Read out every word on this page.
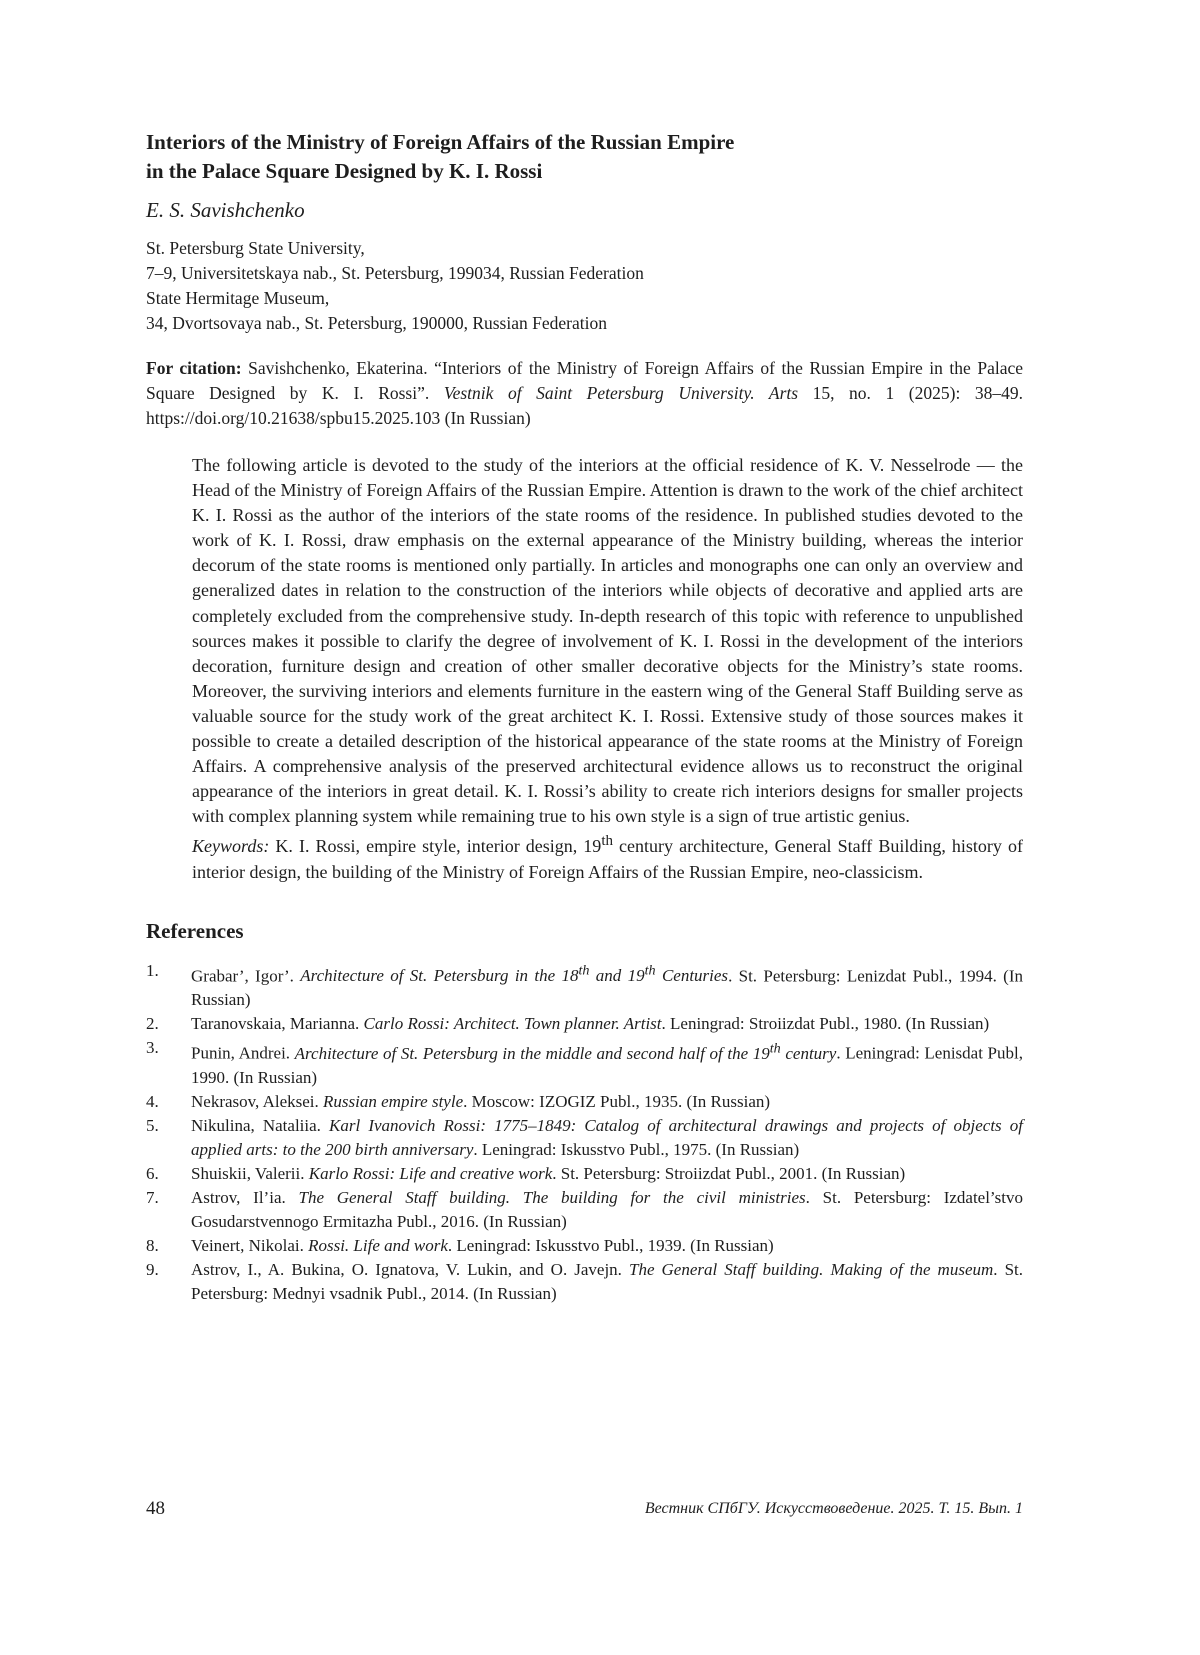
Interiors of the Ministry of Foreign Affairs of the Russian Empire
in the Palace Square Designed by K. I. Rossi
E. S. Savishchenko
St. Petersburg State University,
7–9, Universitetskaya nab., St. Petersburg, 199034, Russian Federation
State Hermitage Museum,
34, Dvortsovaya nab., St. Petersburg, 190000, Russian Federation
For citation: Savishchenko, Ekaterina. “Interiors of the Ministry of Foreign Affairs of the Russian Empire in the Palace Square Designed by K. I. Rossi”. Vestnik of Saint Petersburg University. Arts 15, no. 1 (2025): 38–49. https://doi.org/10.21638/spbu15.2025.103 (In Russian)

The following article is devoted to the study of the interiors at the official residence of K. V. Nesselrode — the Head of the Ministry of Foreign Affairs of the Russian Empire. Attention is drawn to the work of the chief architect K. I. Rossi as the author of the interiors of the state rooms of the residence. In published studies devoted to the work of K. I. Rossi, draw emphasis on the external appearance of the Ministry building, whereas the interior decorum of the state rooms is mentioned only partially. In articles and monographs one can only an overview and generalized dates in relation to the construction of the interiors while objects of decorative and applied arts are completely excluded from the comprehensive study. In-depth research of this topic with reference to unpublished sources makes it possible to clarify the degree of involvement of K. I. Rossi in the development of the interiors decoration, furniture design and creation of other smaller decorative objects for the Ministry’s state rooms. Moreover, the surviving interiors and elements furniture in the eastern wing of the General Staff Building serve as valuable source for the study work of the great architect K. I. Rossi. Extensive study of those sources makes it possible to create a detailed description of the historical appearance of the state rooms at the Ministry of Foreign Affairs. A comprehensive analysis of the preserved architectural evidence allows us to reconstruct the original appearance of the interiors in great detail. K. I. Rossi’s ability to create rich interiors designs for smaller projects with complex planning system while remaining true to his own style is a sign of true artistic genius.

Keywords: K. I. Rossi, empire style, interior design, 19th century architecture, General Staff Building, history of interior design, the building of the Ministry of Foreign Affairs of the Russian Empire, neo-classicism.

References
1. Grabar’, Igor’. Architecture of St. Petersburg in the 18th and 19th Centuries. St. Petersburg: Lenizdat Publ., 1994. (In Russian)
2. Taranovskaia, Marianna. Carlo Rossi: Architect. Town planner. Artist. Leningrad: Stroiizdat Publ., 1980. (In Russian)
3. Punin, Andrei. Architecture of St. Petersburg in the middle and second half of the 19th century. Leningrad: Lenisdat Publ, 1990. (In Russian)
4. Nekrasov, Aleksei. Russian empire style. Moscow: IZOGIZ Publ., 1935. (In Russian)
5. Nikulina, Nataliia. Karl Ivanovich Rossi: 1775–1849: Catalog of architectural drawings and projects of objects of applied arts: to the 200 birth anniversary. Leningrad: Iskusstvo Publ., 1975. (In Russian)
6. Shuiskii, Valerii. Karlo Rossi: Life and creative work. St. Petersburg: Stroiizdat Publ., 2001. (In Russian)
7. Astrov, Il’ia. The General Staff building. The building for the civil ministries. St. Petersburg: Izdatel’stvo Gosudarstvennogo Ermitazha Publ., 2016. (In Russian)
8. Veinert, Nikolai. Rossi. Life and work. Leningrad: Iskusstvo Publ., 1939. (In Russian)
9. Astrov, I., A. Bukina, O. Ignatova, V. Lukin, and O. Javejn. The General Staff building. Making of the museum. St. Petersburg: Mednyi vsadnik Publ., 2014. (In Russian)
48	Вестник СПбГУ. Искусствоведение. 2025. Т. 15. Вып. 1
